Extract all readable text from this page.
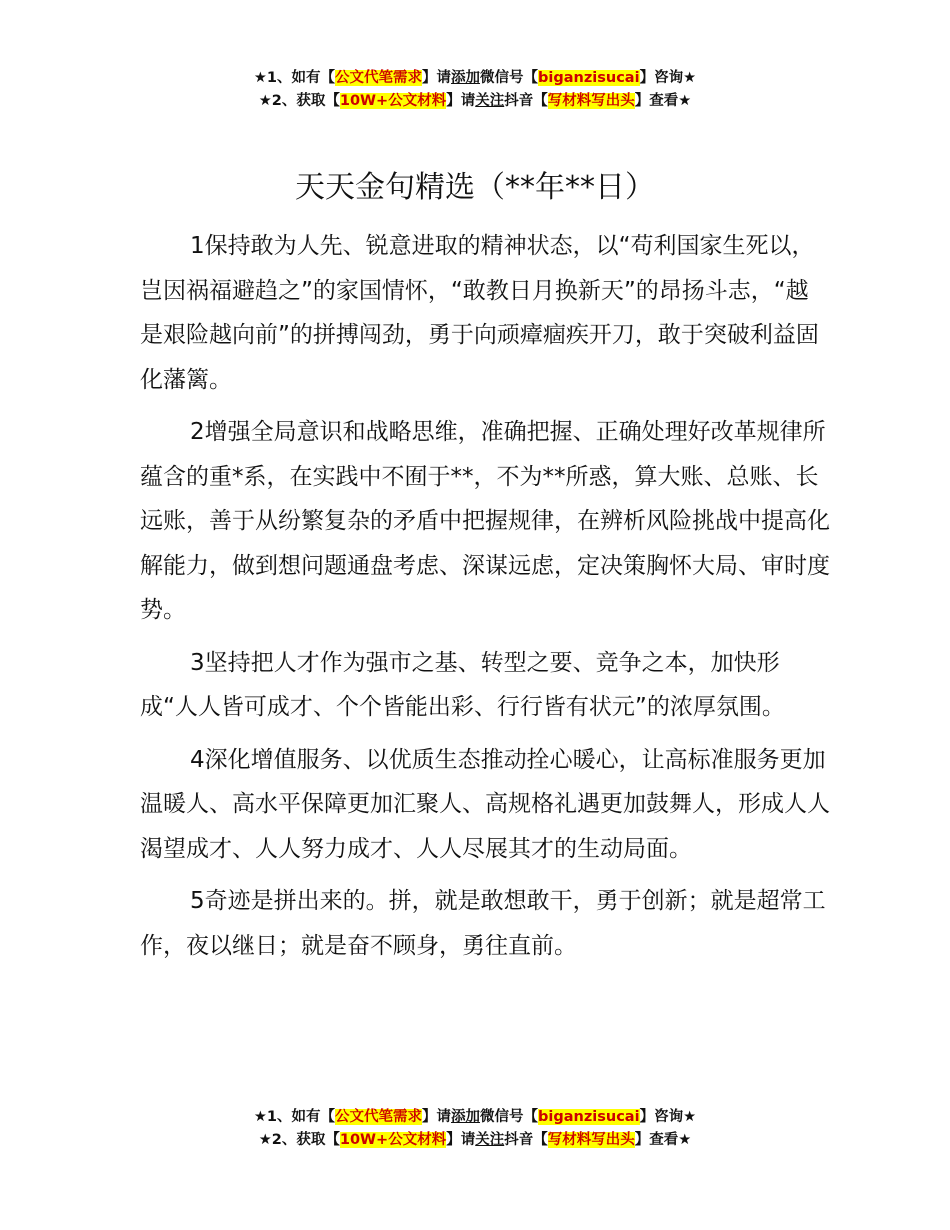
★1、如有【公文代笔需求】请添加微信号【biganzisucai】咨询★
★2、获取【10W+公文材料】请关注抖音【写材料写出头】查看★
天天金句精选（**年**日）

1保持敢为人先、锐意进取的精神状态，以“苟利国家生死以，岂因祸福避趋之”的家国情怀，“敢教日月换新天”的昂扬斗志，“越是艰险越向前”的拼搏闯劲，勇于向顽瘴痼疾开刀，敢于突破利益固化藩篱。

2增强全局意识和战略思维，准确把握、正确处理好改革规律所蕴含的重*系，在实践中不囿于**，不为**所惑，算大账、总账、长远账，善于从纷繁复杂的矛盾中把握规律，在辨析风险挑战中提高化解能力，做到想问题通盘考虑、深谋远虑，定决策胸怀大局、审时度势。

3坚持把人才作为强市之基、转型之要、竞争之本，加快形成“人人皆可成才、个个皆能出彩、行行皆有状元”的浓厚氛围。

4深化增值服务、以优质生态推动拴心暖心，让高标准服务更加温暖人、高水平保障更加汇聚人、高规格礼遇更加鼓舞人，形成人人渴望成才、人人努力成才、人人尽展其才的生动局面。

5奇迹是拼出来的。拼，就是敢想敢干，勇于创新；就是超常工作，夜以继日；就是奋不顾身，勇往直前。

★1、如有【公文代笔需求】请添加微信号【biganzisucai】咨询★
★2、获取【10W+公文材料】请关注抖音【写材料写出头】查看★
